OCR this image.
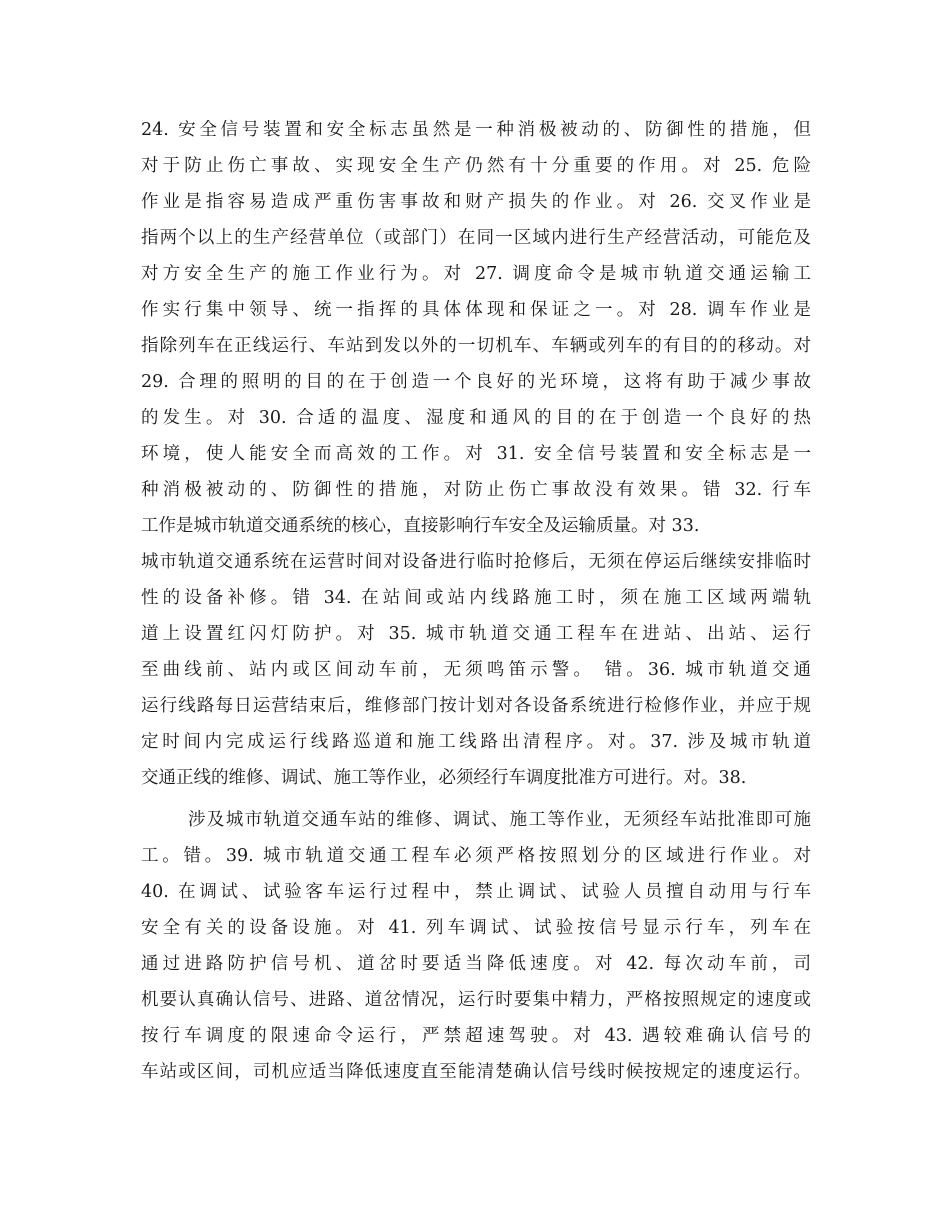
24. 安全信号装置和安全标志虽然是一种消极被动的、防御性的措施，但
对于防止伤亡事故、实现安全生产仍然有十分重要的作用。对 25. 危险
作业是指容易造成严重伤害事故和财产损失的作业。对 26. 交叉作业是
指两个以上的生产经营单位（或部门）在同一区域内进行生产经营活动，可能危及
对方安全生产的施工作业行为。对 27. 调度命令是城市轨道交通运输工
作实行集中领导、统一指挥的具体体现和保证之一。对 28. 调车作业是
指除列车在正线运行、车站到发以外的一切机车、车辆或列车的有目的的移动。对
29. 合理的照明的目的在于创造一个良好的光环境，这将有助于减少事故
的发生。对 30. 合适的温度、湿度和通风的目的在于创造一个良好的热
环境，使人能安全而高效的工作。对 31. 安全信号装置和安全标志是一
种消极被动的、防御性的措施，对防止伤亡事故没有效果。错 32. 行车
工作是城市轨道交通系统的核心，直接影响行车安全及运输质量。对 33.
城市轨道交通系统在运营时间对设备进行临时抢修后，无须在停运后继续安排临时
性的设备补修。错 34. 在站间或站内线路施工时，须在施工区域两端轨
道上设置红闪灯防护。对 35. 城市轨道交通工程车在进站、出站、运行
至曲线前、站内或区间动车前，无须鸣笛示警。 错。36. 城市轨道交通
运行线路每日运营结束后，维修部门按计划对各设备系统进行检修作业，并应于规
定时间内完成运行线路巡道和施工线路出清程序。对。37. 涉及城市轨道
交通正线的维修、调试、施工等作业，必须经行车调度批准方可进行。对。38.
涉及城市轨道交通车站的维修、调试、施工等作业，无须经车站批准即可施
工。错。39. 城市轨道交通工程车必须严格按照划分的区域进行作业。对
40. 在调试、试验客车运行过程中，禁止调试、试验人员擅自动用与行车
安全有关的设备设施。对 41. 列车调试、试验按信号显示行车，列车在
通过进路防护信号机、道岔时要适当降低速度。对 42. 每次动车前，司
机要认真确认信号、进路、道岔情况，运行时要集中精力，严格按照规定的速度或
按行车调度的限速命令运行，严禁超速驾驶。对 43. 遇较难确认信号的
车站或区间，司机应适当降低速度直至能清楚确认信号线时候按规定的速度运行。
